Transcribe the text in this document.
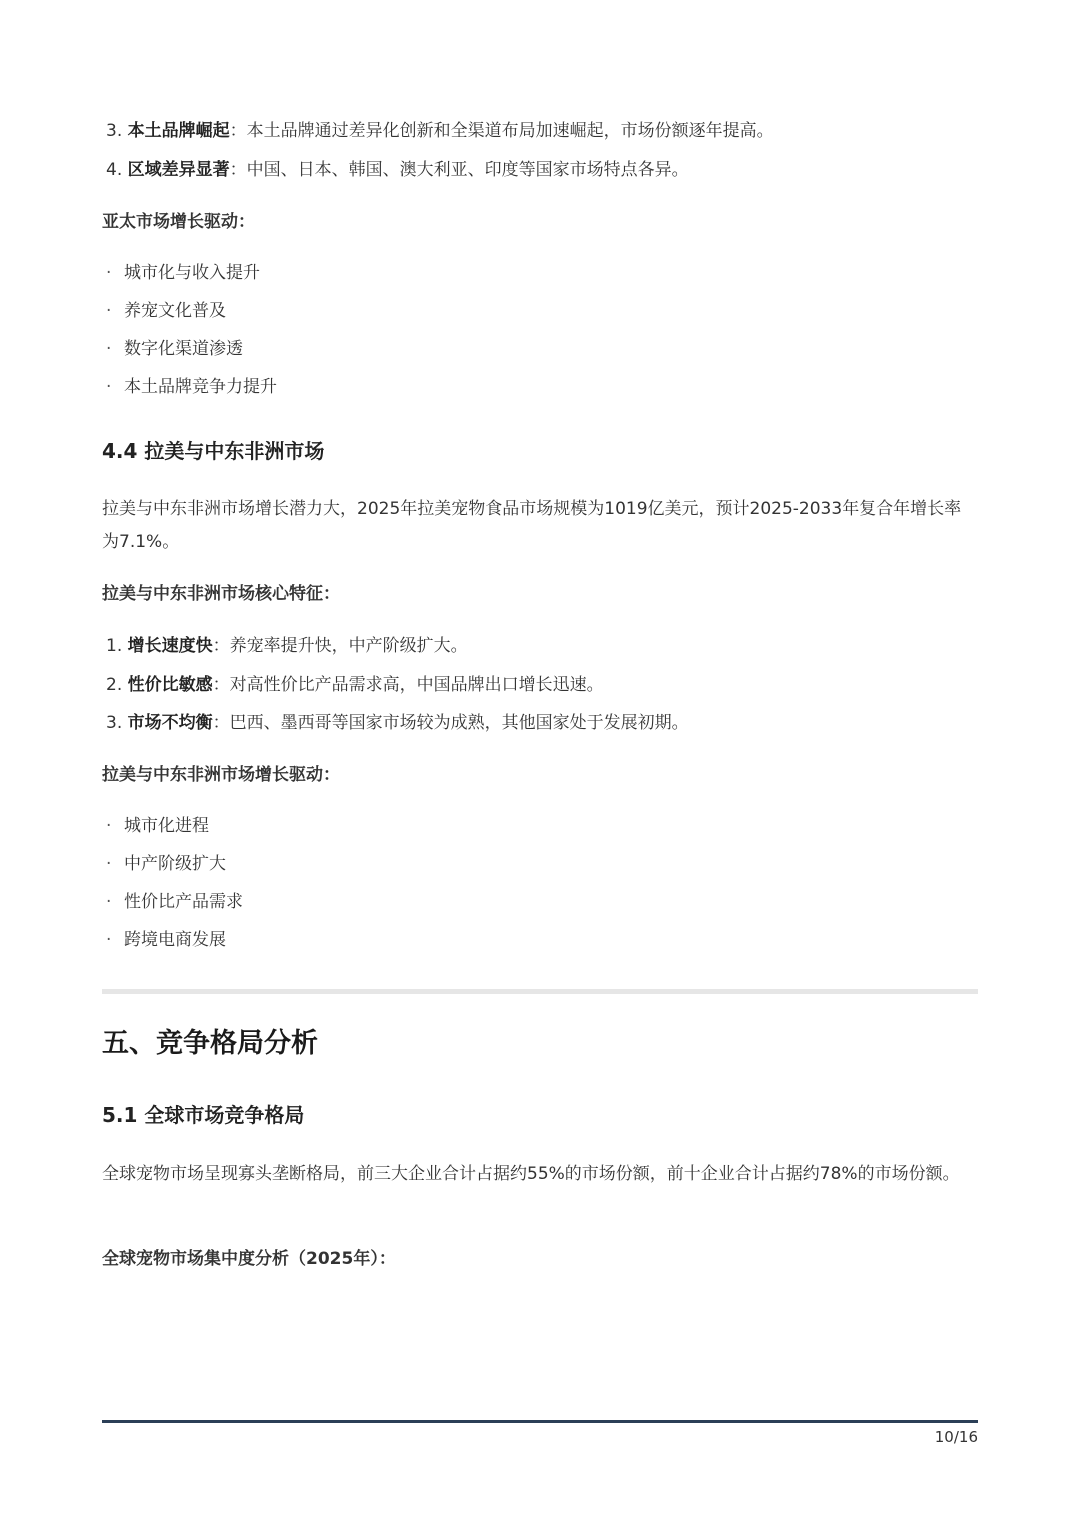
3. 本土品牌崛起：本土品牌通过差异化创新和全渠道布局加速崛起，市场份额逐年提高。
4. 区域差异显著：中国、日本、韩国、澳大利亚、印度等国家市场特点各异。
亚太市场增长驱动：
· 城市化与收入提升
· 养宠文化普及
· 数字化渠道渗透
· 本土品牌竞争力提升
4.4 拉美与中东非洲市场
拉美与中东非洲市场增长潜力大，2025年拉美宠物食品市场规模为1019亿美元，预计2025-2033年复合年增长率为7.1%。
拉美与中东非洲市场核心特征：
1. 增长速度快：养宠率提升快，中产阶级扩大。
2. 性价比敏感：对高性价比产品需求高，中国品牌出口增长迅速。
3. 市场不均衡：巴西、墨西哥等国家市场较为成熟，其他国家处于发展初期。
拉美与中东非洲市场增长驱动：
· 城市化进程
· 中产阶级扩大
· 性价比产品需求
· 跨境电商发展
五、竞争格局分析
5.1 全球市场竞争格局
全球宠物市场呈现寡头垄断格局，前三大企业合计占据约55%的市场份额，前十企业合计占据约78%的市场份额。
全球宠物市场集中度分析（2025年）：
10/16
